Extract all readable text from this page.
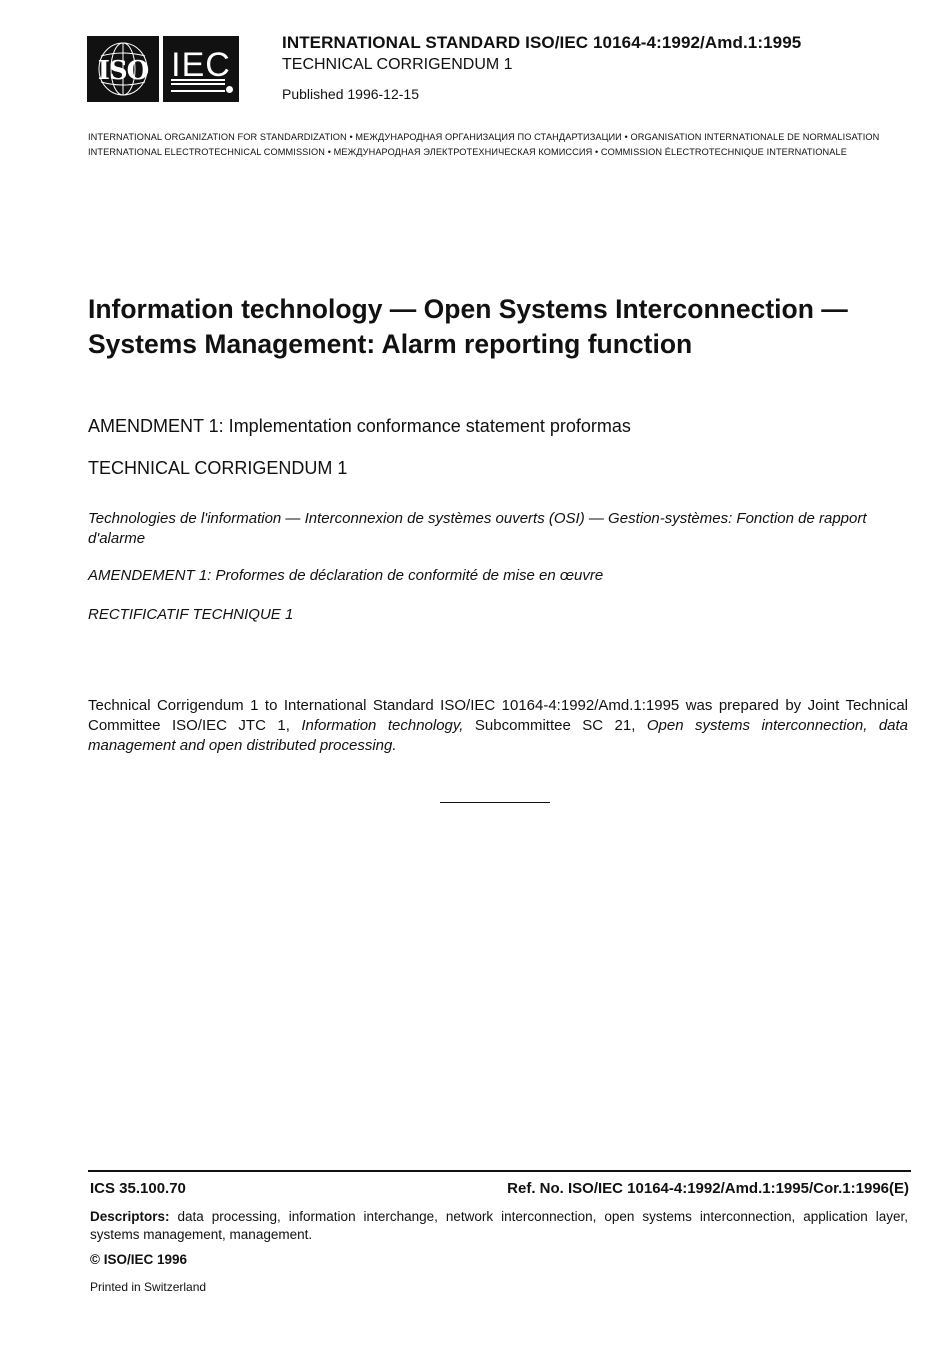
ISO IEC
INTERNATIONAL STANDARD ISO/IEC 10164-4:1992/Amd.1:1995
TECHNICAL CORRIGENDUM 1
Published 1996-12-15
INTERNATIONAL ORGANIZATION FOR STANDARDIZATION • МЕЖДУНАРОДНАЯ ОРГАНИЗАЦИЯ ПО СТАНДАРТИЗАЦИИ • ORGANISATION INTERNATIONALE DE NORMALISATION
INTERNATIONAL ELECTROTECHNICAL COMMISSION • МЕЖДУНАРОДНАЯ ЭЛЕКТРОТЕХНИЧЕСКАЯ КОМИССИЯ • COMMISSION ÉLECTROTECHNIQUE INTERNATIONALE
Information technology — Open Systems Interconnection — Systems Management: Alarm reporting function
AMENDMENT 1: Implementation conformance statement proformas
TECHNICAL CORRIGENDUM 1
Technologies de l'information — Interconnexion de systèmes ouverts (OSI) — Gestion-systèmes: Fonction de rapport d'alarme
AMENDEMENT 1: Proformes de déclaration de conformité de mise en œuvre
RECTIFICATIF TECHNIQUE 1
Technical Corrigendum 1 to International Standard ISO/IEC 10164-4:1992/Amd.1:1995 was prepared by Joint Technical Committee ISO/IEC JTC 1, Information technology, Subcommittee SC 21, Open systems interconnection, data management and open distributed processing.
ICS 35.100.70	Ref. No. ISO/IEC 10164-4:1992/Amd.1:1995/Cor.1:1996(E)
Descriptors: data processing, information interchange, network interconnection, open systems interconnection, application layer, systems management, management.
© ISO/IEC 1996
Printed in Switzerland
